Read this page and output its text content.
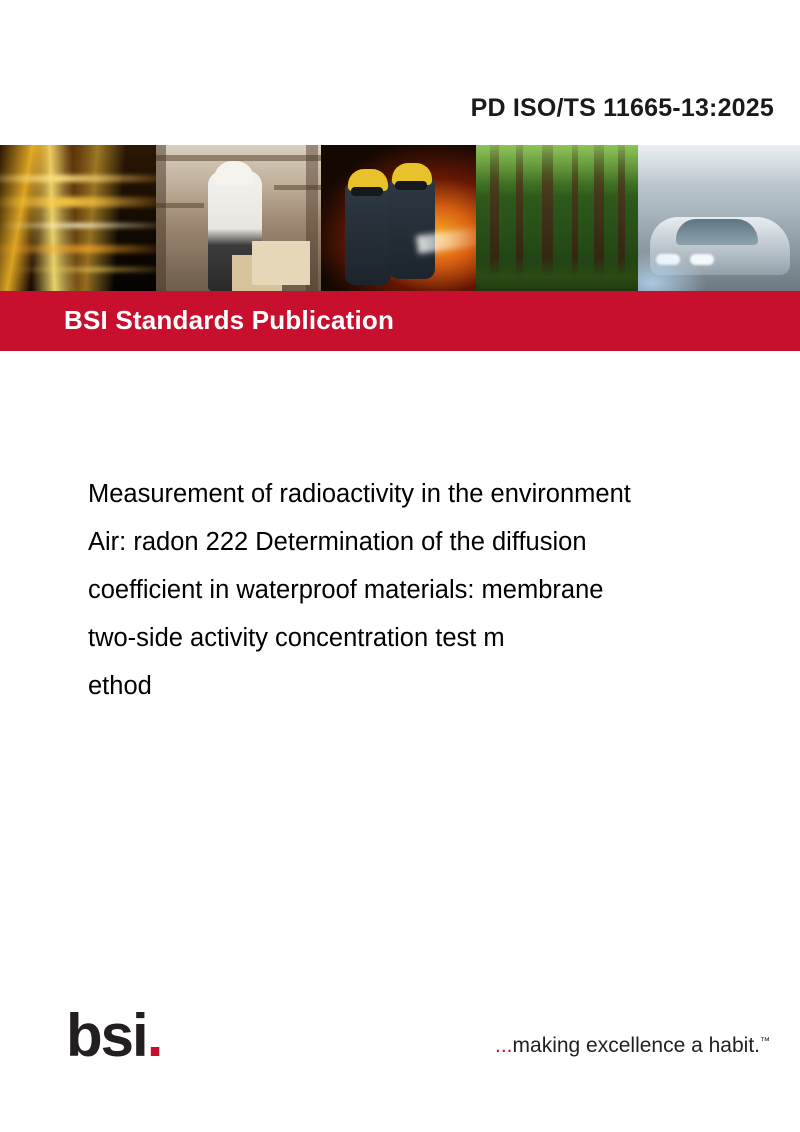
PD ISO/TS 11665-13:2025
BSI Standards Publication
Measurement of radioactivity in the environment
Air: radon 222 Determination of the diffusion
coefficient in waterproof materials: membrane
two-side activity concentration test m
ethod
bsi.	...making excellence a habit.™
